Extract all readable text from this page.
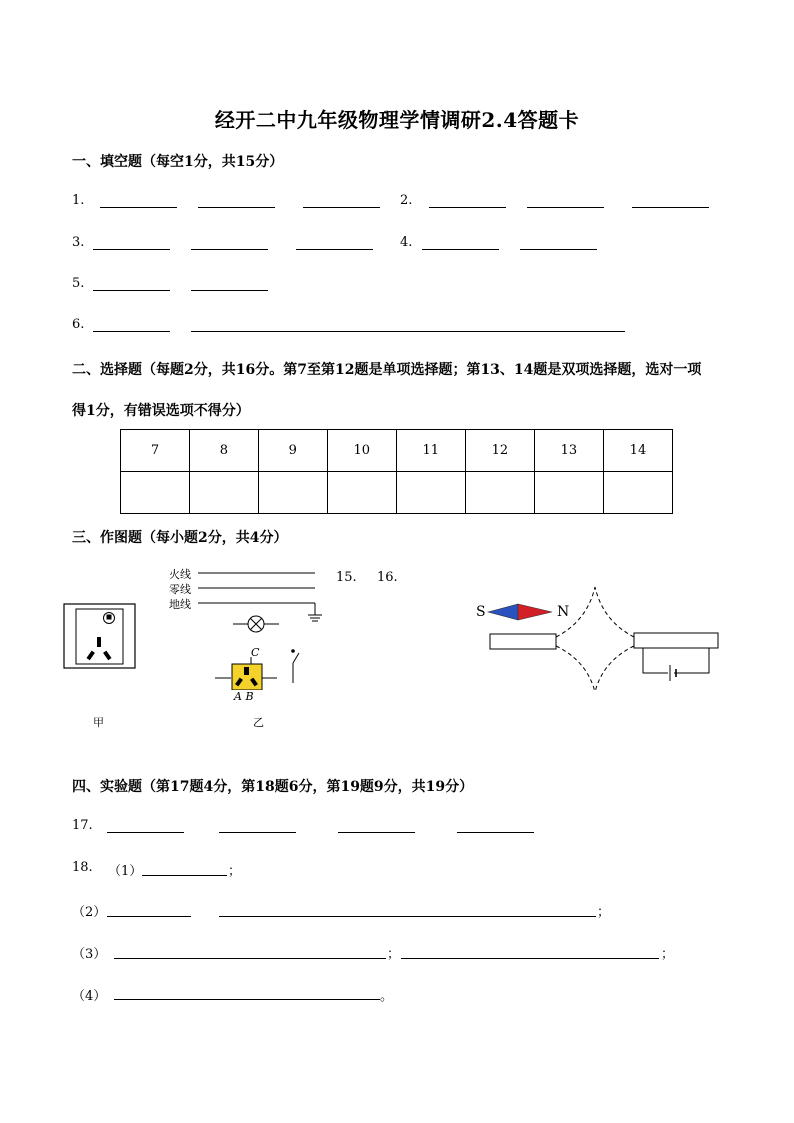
经开二中九年级物理学情调研2.4答题卡
一、填空题（每空1分，共15分）
1.	2.
3.	4.
5.
6.
二、选择题（每题2分，共16分。第7至第12题是单项选择题；第13、14题是双项选择题，选对一项
得1分，有错误选项不得分）
7	8	9	10	11	12	13	14

三、作图题（每小题2分，共4分）
甲
火线
零线
地线
C
A B
乙
15. 16.
S	N
四、实验题（第17题4分，第18题6分，第19题9分，共19分）
17.
18. （1）	；
（2）	；
（3）	；	；
（4）	。
